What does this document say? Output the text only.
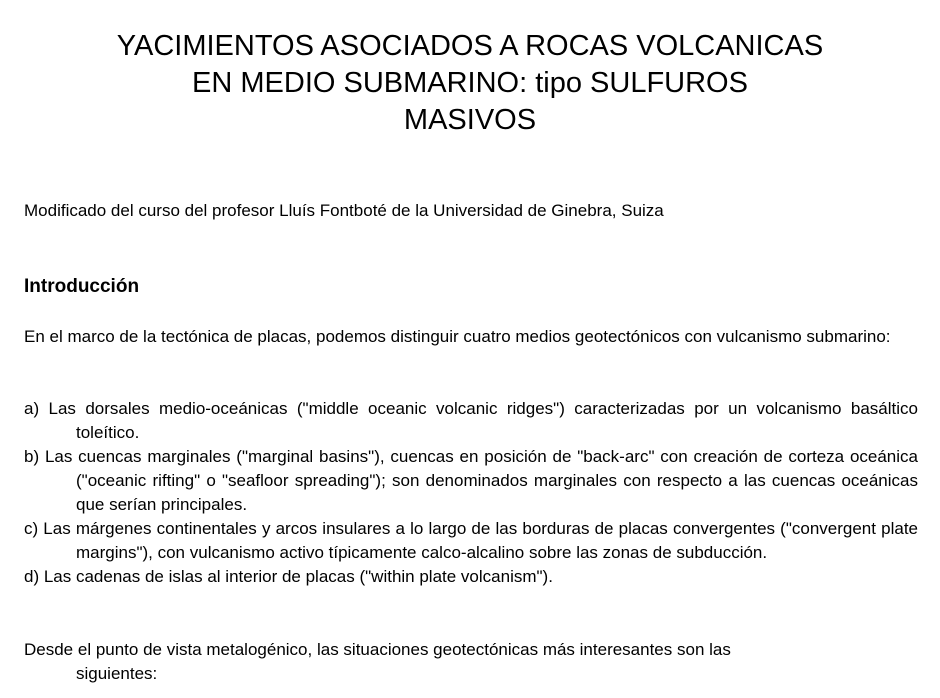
YACIMIENTOS ASOCIADOS A ROCAS VOLCANICAS
EN MEDIO SUBMARINO: tipo SULFUROS
MASIVOS

Modificado del curso del profesor Lluís Fontboté de la Universidad de Ginebra, Suiza

Introducción

En el marco de la tectónica de placas, podemos distinguir cuatro medios geotectónicos con vulcanismo submarino:

a) Las dorsales medio-oceánicas ("middle oceanic volcanic ridges") caracterizadas por un volcanismo basáltico toleítico.
b) Las cuencas marginales ("marginal basins"), cuencas en posición de "back-arc" con creación de corteza oceánica ("oceanic rifting" o "seafloor spreading"); son denominados marginales con respecto a las cuencas oceánicas que serían principales.
c) Las márgenes continentales y arcos insulares a lo largo de las borduras de placas convergentes ("convergent plate margins"), con vulcanismo activo típicamente calco-alcalino sobre las zonas de subducción.
d) Las cadenas de islas al interior de placas ("within plate volcanism").

Desde el punto de vista metalogénico, las situaciones geotectónicas más interesantes son las
siguientes:
